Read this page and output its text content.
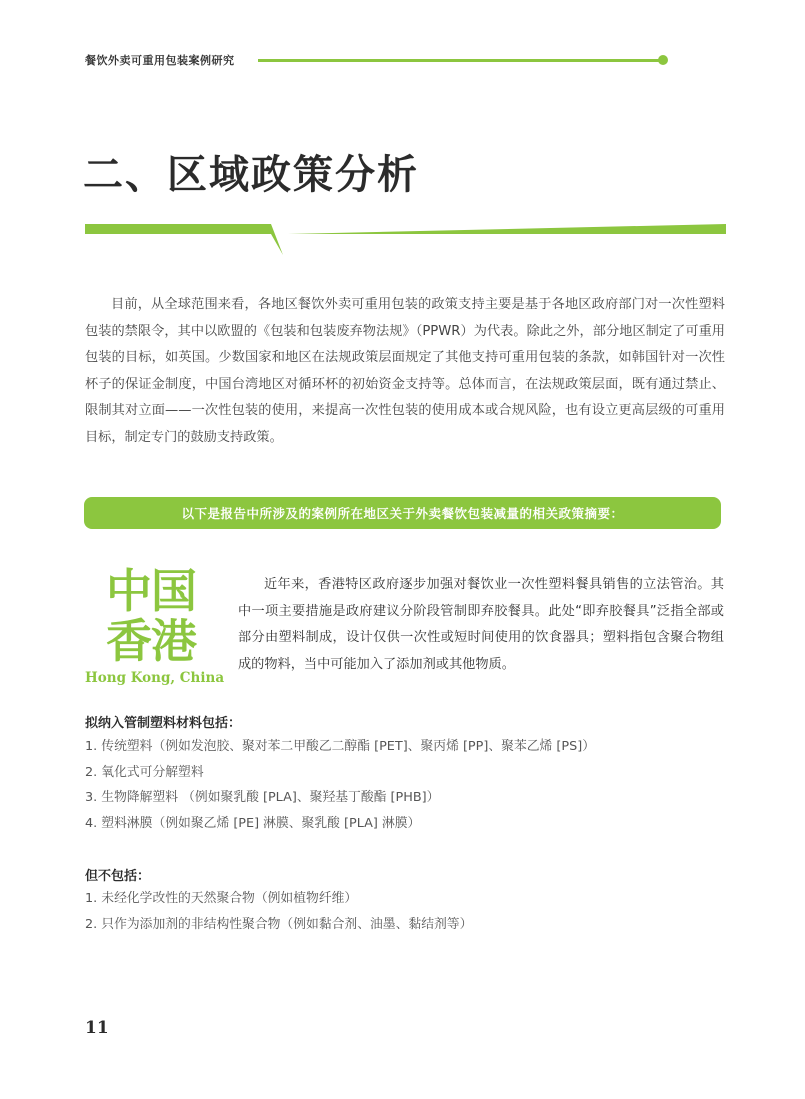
餐饮外卖可重用包装案例研究
二、区域政策分析

目前，从全球范围来看，各地区餐饮外卖可重用包装的政策支持主要是基于各地区政府部门对一次性塑料包装的禁限令，其中以欧盟的《包装和包装废弃物法规》（PPWR）为代表。除此之外，部分地区制定了可重用包装的目标，如英国。少数国家和地区在法规政策层面规定了其他支持可重用包装的条款，如韩国针对一次性杯子的保证金制度，中国台湾地区对循环杯的初始资金支持等。总体而言，在法规政策层面，既有通过禁止、限制其对立面——一次性包装的使用，来提高一次性包装的使用成本或合规风险，也有设立更高层级的可重用目标，制定专门的鼓励支持政策。

以下是报告中所涉及的案例所在地区关于外卖餐饮包装减量的相关政策摘要：
中国
香港
Hong Kong, China

近年来，香港特区政府逐步加强对餐饮业一次性塑料餐具销售的立法管治。其中一项主要措施是政府建议分阶段管制即弃胶餐具。此处“即弃胶餐具”泛指全部或部分由塑料制成，设计仅供一次性或短时间使用的饮食器具；塑料指包含聚合物组成的物料，当中可能加入了添加剂或其他物质。

拟纳入管制塑料材料包括：
1. 传统塑料（例如发泡胶、聚对苯二甲酸乙二醇酯 [PET]、聚丙烯 [PP]、聚苯乙烯 [PS]）
2. 氧化式可分解塑料
3. 生物降解塑料 （例如聚乳酸 [PLA]、聚羟基丁酸酯 [PHB]）
4. 塑料淋膜（例如聚乙烯 [PE] 淋膜、聚乳酸 [PLA] 淋膜）
但不包括：
1. 未经化学改性的天然聚合物（例如植物纤维）
2. 只作为添加剂的非结构性聚合物（例如黏合剂、油墨、黏结剂等）
11
